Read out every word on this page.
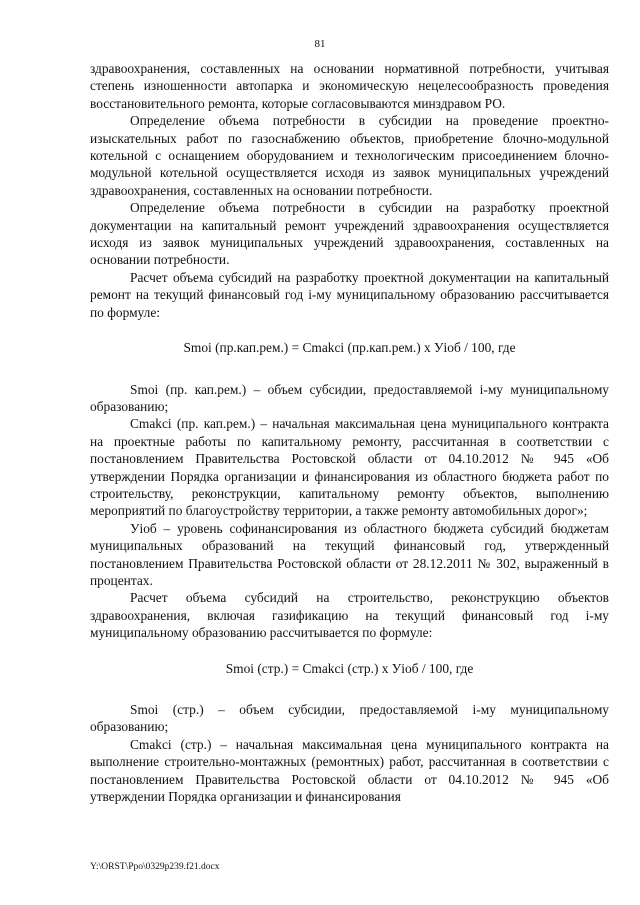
81

здравоохранения, составленных на основании нормативной потребности, учитывая степень изношенности автопарка и экономическую нецелесообразность проведения восстановительного ремонта, которые согласовываются минздравом РО.

Определение объема потребности в субсидии на проведение проектно-изыскательных работ по газоснабжению объектов, приобретение блочно-модульной котельной с оснащением оборудованием и технологическим присоединением блочно-модульной котельной осуществляется исходя из заявок муниципальных учреждений здравоохранения, составленных на основании потребности.

Определение объема потребности в субсидии на разработку проектной документации на капитальный ремонт учреждений здравоохранения осуществляется исходя из заявок муниципальных учреждений здравоохранения, составленных на основании потребности.

Расчет объема субсидий на разработку проектной документации на капитальный ремонт на текущий финансовый год i-му муниципальному образованию рассчитывается по формуле:

Smoi (пр.кап.рем.) = Cmakci (пр.кап.рем.) x Уiоб / 100, где

Smoi (пр. кап.рем.) – объем субсидии, предоставляемой i-му муниципальному образованию;

Cmakci (пр. кап.рем.) – начальная максимальная цена муниципального контракта на проектные работы по капитальному ремонту, рассчитанная в соответствии с постановлением Правительства Ростовской области от 04.10.2012 № 945 «Об утверждении Порядка организации и финансирования из областного бюджета работ по строительству, реконструкции, капитальному ремонту объектов, выполнению мероприятий по благоустройству территории, а также ремонту автомобильных дорог»;

Уiоб – уровень софинансирования из областного бюджета субсидий бюджетам муниципальных образований на текущий финансовый год, утвержденный постановлением Правительства Ростовской области от 28.12.2011 № 302, выраженный в процентах.

Расчет объема субсидий на строительство, реконструкцию объектов здравоохранения, включая газификацию на текущий финансовый год i-му муниципальному образованию рассчитывается по формуле:

Smoi (стр.) = Cmakci (стр.) x Уiоб / 100, где

Smoi (стр.) – объем субсидии, предоставляемой i-му муниципальному образованию;

Cmakci (стр.) – начальная максимальная цена муниципального контракта на выполнение строительно-монтажных (ремонтных) работ, рассчитанная в соответствии с постановлением Правительства Ростовской области от 04.10.2012 № 945 «Об утверждении Порядка организации и финансирования

Y:\ORST\Ppo\0329p239.f21.docx
